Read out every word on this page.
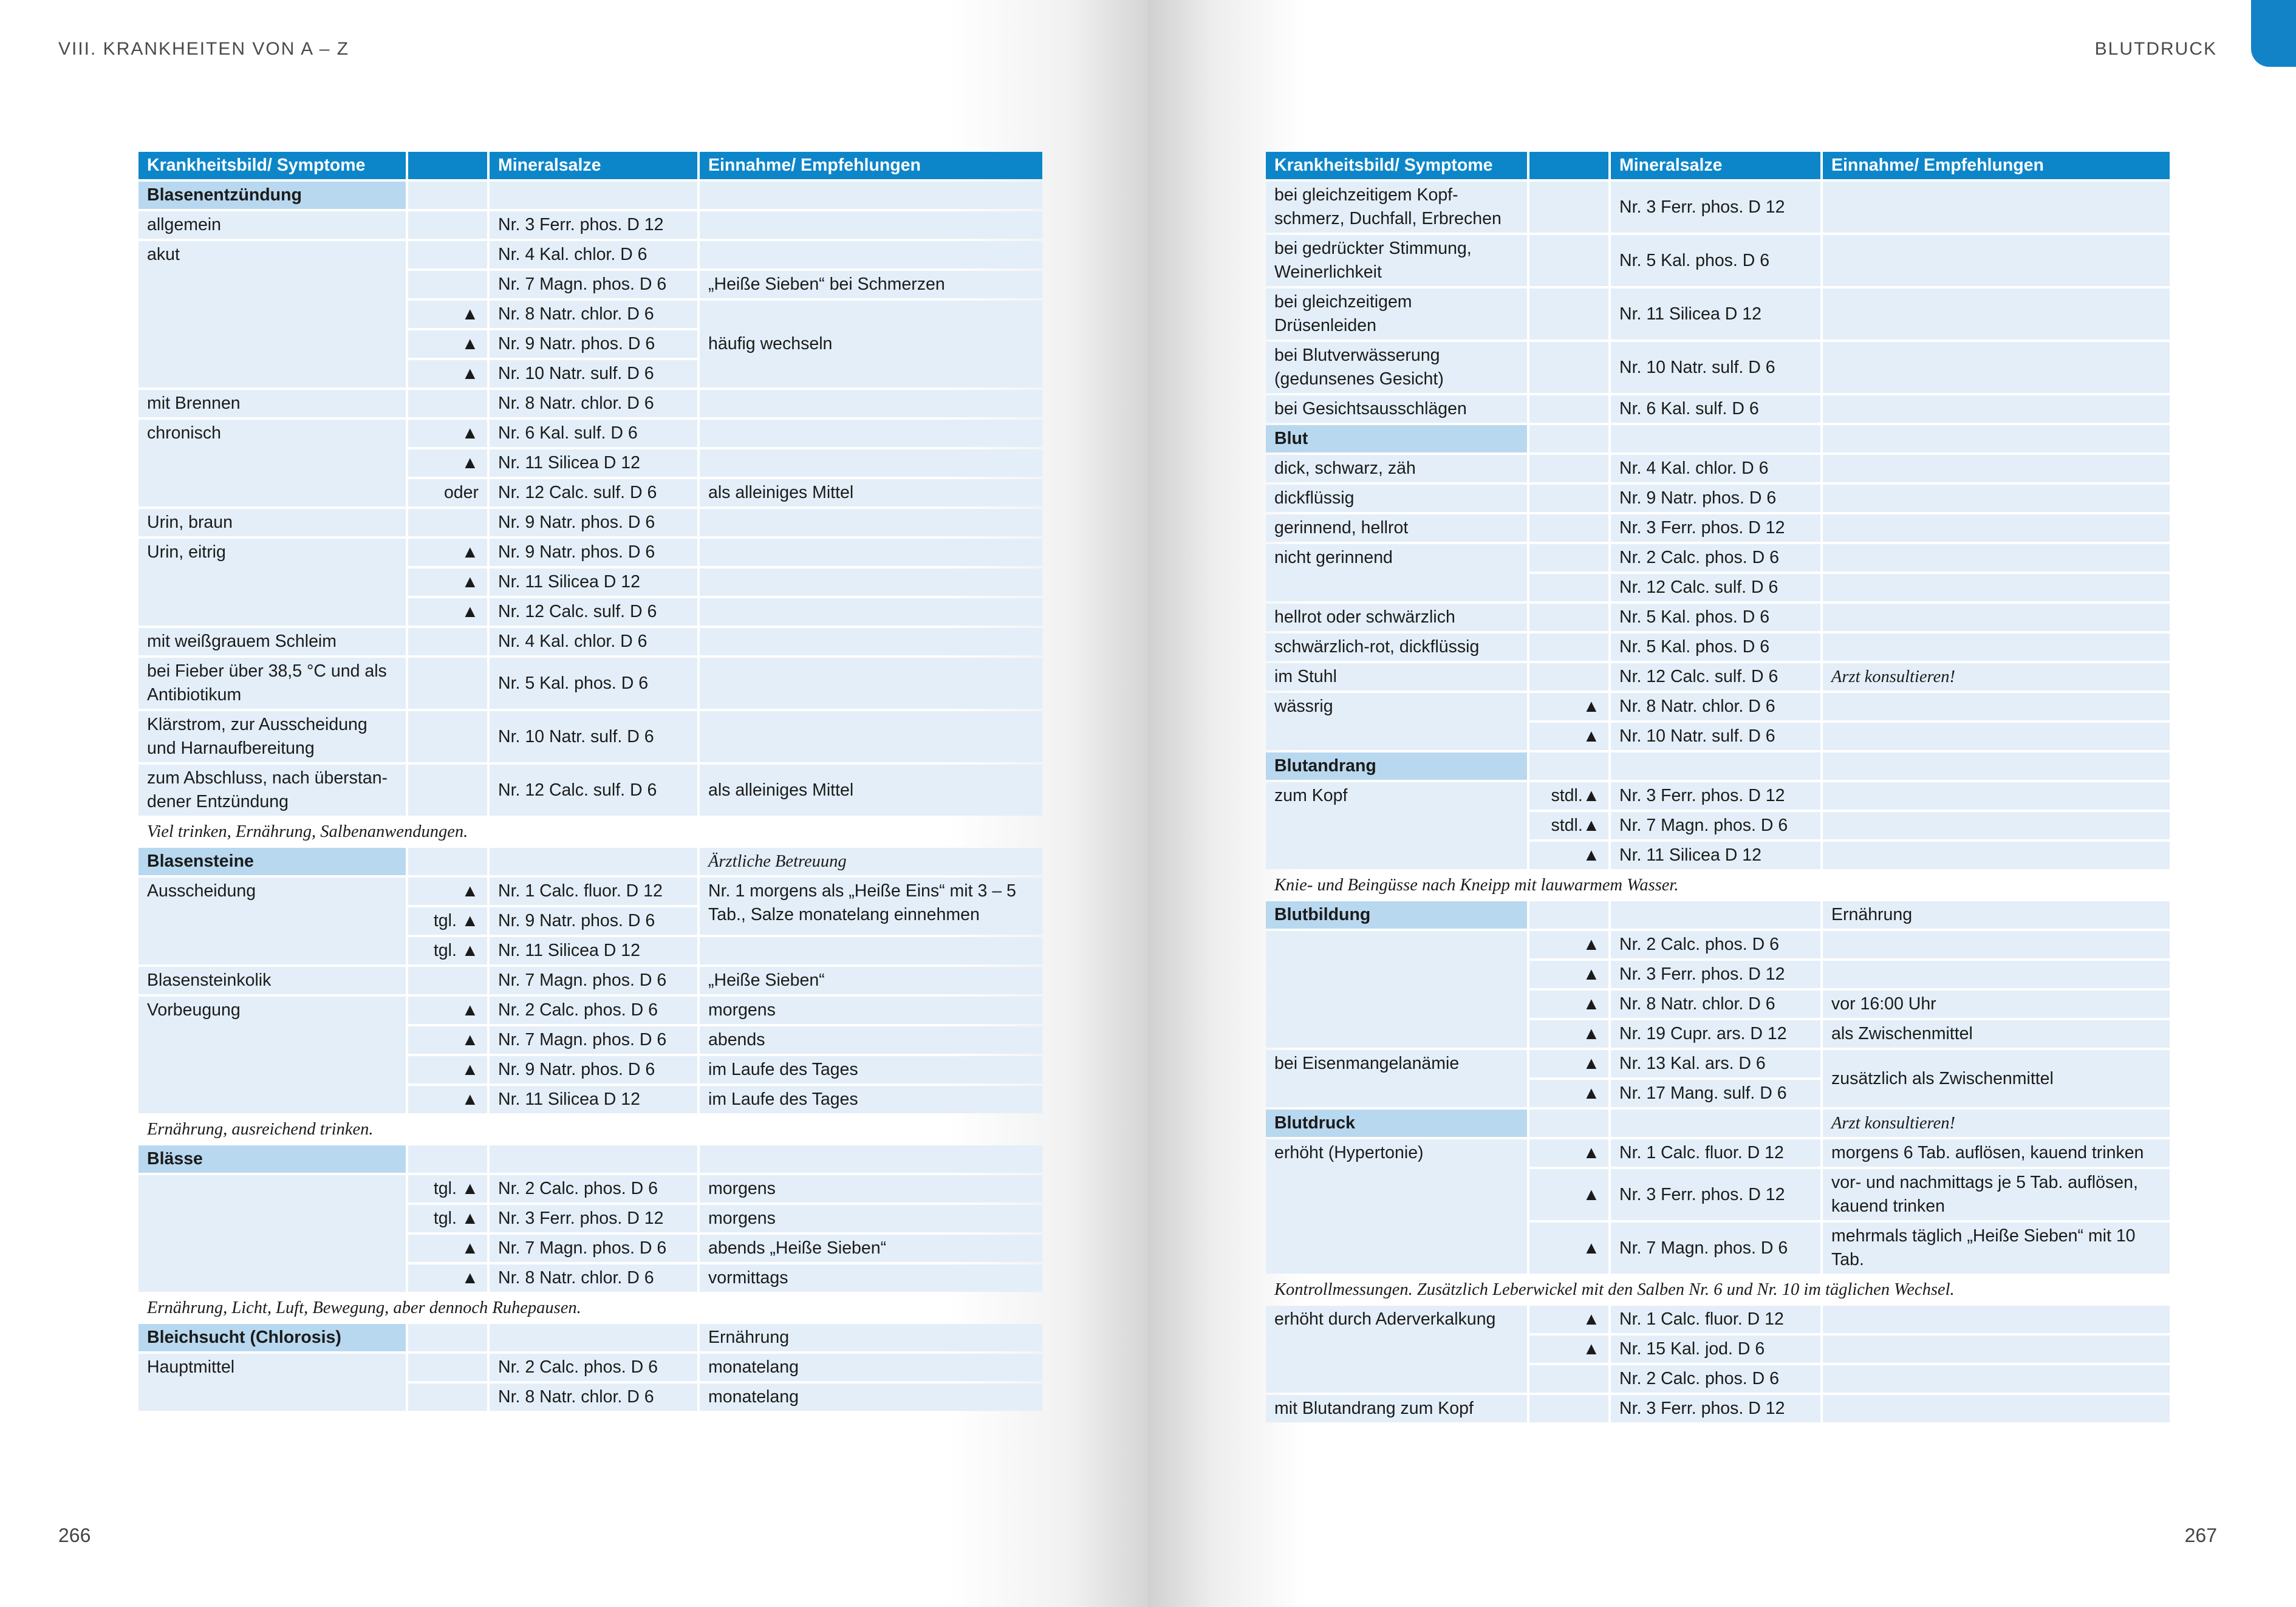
VIII. KRANKHEITEN VON A – Z
Krankheitsbild/ Symptome		Mineralsalze	Einnahme/ Empfehlungen
Blasenentzündung			
allgemein		Nr. 3 Ferr. phos. D 12	
akut		Nr. 4 Kal. chlor. D 6	
		Nr. 7 Magn. phos. D 6	„Heiße Sieben“ bei Schmerzen
	▲	Nr. 8 Natr. chlor. D 6	häufig wechseln
	▲	Nr. 9 Natr. phos. D 6	
	▲	Nr. 10 Natr. sulf. D 6	
mit Brennen		Nr. 8 Natr. chlor. D 6	
chronisch	▲	Nr. 6 Kal. sulf. D 6	
	▲	Nr. 11 Silicea D 12	
	oder	Nr. 12 Calc. sulf. D 6	als alleiniges Mittel
Urin, braun		Nr. 9 Natr. phos. D 6	
Urin, eitrig	▲	Nr. 9 Natr. phos. D 6	
	▲	Nr. 11 Silicea D 12	
	▲	Nr. 12 Calc. sulf. D 6	
mit weißgrauem Schleim		Nr. 4 Kal. chlor. D 6	
bei Fieber über 38,5 °C und als Antibiotikum		Nr. 5 Kal. phos. D 6	
Klärstrom, zur Ausscheidung und Harnaufbereitung		Nr. 10 Natr. sulf. D 6	
zum Abschluss, nach überstan-dener Entzündung		Nr. 12 Calc. sulf. D 6	als alleiniges Mittel
Viel trinken, Ernährung, Salbenanwendungen.			
Blasensteine			Ärztliche Betreuung
Ausscheidung	▲	Nr. 1 Calc. fluor. D 12	Nr. 1 morgens als „Heiße Eins“ mit 3 – 5 Tab., Salze monatelang einnehmen
	tgl. ▲	Nr. 9 Natr. phos. D 6	
	tgl. ▲	Nr. 11 Silicea D 12	
Blasensteinkolik		Nr. 7 Magn. phos. D 6	„Heiße Sieben“
Vorbeugung	▲	Nr. 2 Calc. phos. D 6	morgens
	▲	Nr. 7 Magn. phos. D 6	abends
	▲	Nr. 9 Natr. phos. D 6	im Laufe des Tages
	▲	Nr. 11 Silicea D 12	im Laufe des Tages
Ernährung, ausreichend trinken.			
Blässe			
	tgl. ▲	Nr. 2 Calc. phos. D 6	morgens
	tgl. ▲	Nr. 3 Ferr. phos. D 12	morgens
	▲	Nr. 7 Magn. phos. D 6	abends „Heiße Sieben“
	▲	Nr. 8 Natr. chlor. D 6	vormittags
Ernährung, Licht, Luft, Bewegung, aber dennoch Ruhepausen.			
Bleichsucht (Chlorosis)			Ernährung
Hauptmittel		Nr. 2 Calc. phos. D 6	monatelang
		Nr. 8 Natr. chlor. D 6	monatelang
266
BLUTDRUCK
Krankheitsbild/ Symptome		Mineralsalze	Einnahme/ Empfehlungen
bei gleichzeitigem Kopf-schmerz, Duchfall, Erbrechen		Nr. 3 Ferr. phos. D 12	
bei gedrückter Stimmung, Weinerlichkeit		Nr. 5 Kal. phos. D 6	
bei gleichzeitigem Drüsenleiden		Nr. 11 Silicea D 12	
bei Blutverwässerung (gedunsenes Gesicht)		Nr. 10 Natr. sulf. D 6	
bei Gesichtsausschlägen		Nr. 6 Kal. sulf. D 6	
Blut			
dick, schwarz, zäh		Nr. 4 Kal. chlor. D 6	
dickflüssig		Nr. 9 Natr. phos. D 6	
gerinnend, hellrot		Nr. 3 Ferr. phos. D 12	
nicht gerinnend		Nr. 2 Calc. phos. D 6	
		Nr. 12 Calc. sulf. D 6	
hellrot oder schwärzlich		Nr. 5 Kal. phos. D 6	
schwärzlich-rot, dickflüssig		Nr. 5 Kal. phos. D 6	
im Stuhl		Nr. 12 Calc. sulf. D 6	Arzt konsultieren!
wässrig	▲	Nr. 8 Natr. chlor. D 6	
	▲	Nr. 10 Natr. sulf. D 6	
Blutandrang			
zum Kopf	stdl.▲	Nr. 3 Ferr. phos. D 12	
	stdl.▲	Nr. 7 Magn. phos. D 6	
	▲	Nr. 11 Silicea D 12	
Knie- und Beingüsse nach Kneipp mit lauwarmem Wasser.			
Blutbildung			Ernährung
	▲	Nr. 2 Calc. phos. D 6	
	▲	Nr. 3 Ferr. phos. D 12	
	▲	Nr. 8 Natr. chlor. D 6	vor 16:00 Uhr
	▲	Nr. 19 Cupr. ars. D 12	als Zwischenmittel
bei Eisenmangelanämie	▲	Nr. 13 Kal. ars. D 6	zusätzlich als Zwischenmittel
	▲	Nr. 17 Mang. sulf. D 6	
Blutdruck			Arzt konsultieren!
erhöht (Hypertonie)	▲	Nr. 1 Calc. fluor. D 12	morgens 6 Tab. auflösen, kauend trinken
	▲	Nr. 3 Ferr. phos. D 12	vor- und nachmittags je 5 Tab. auflösen, kauend trinken
	▲	Nr. 7 Magn. phos. D 6	mehrmals täglich „Heiße Sieben“ mit 10 Tab.
Kontrollmessungen. Zusätzlich Leberwickel mit den Salben Nr. 6 und Nr. 10 im täglichen Wechsel.			
erhöht durch Aderverkalkung	▲	Nr. 1 Calc. fluor. D 12	
	▲	Nr. 15 Kal. jod. D 6	
		Nr. 2 Calc. phos. D 6	
mit Blutandrang zum Kopf		Nr. 3 Ferr. phos. D 12	
267
